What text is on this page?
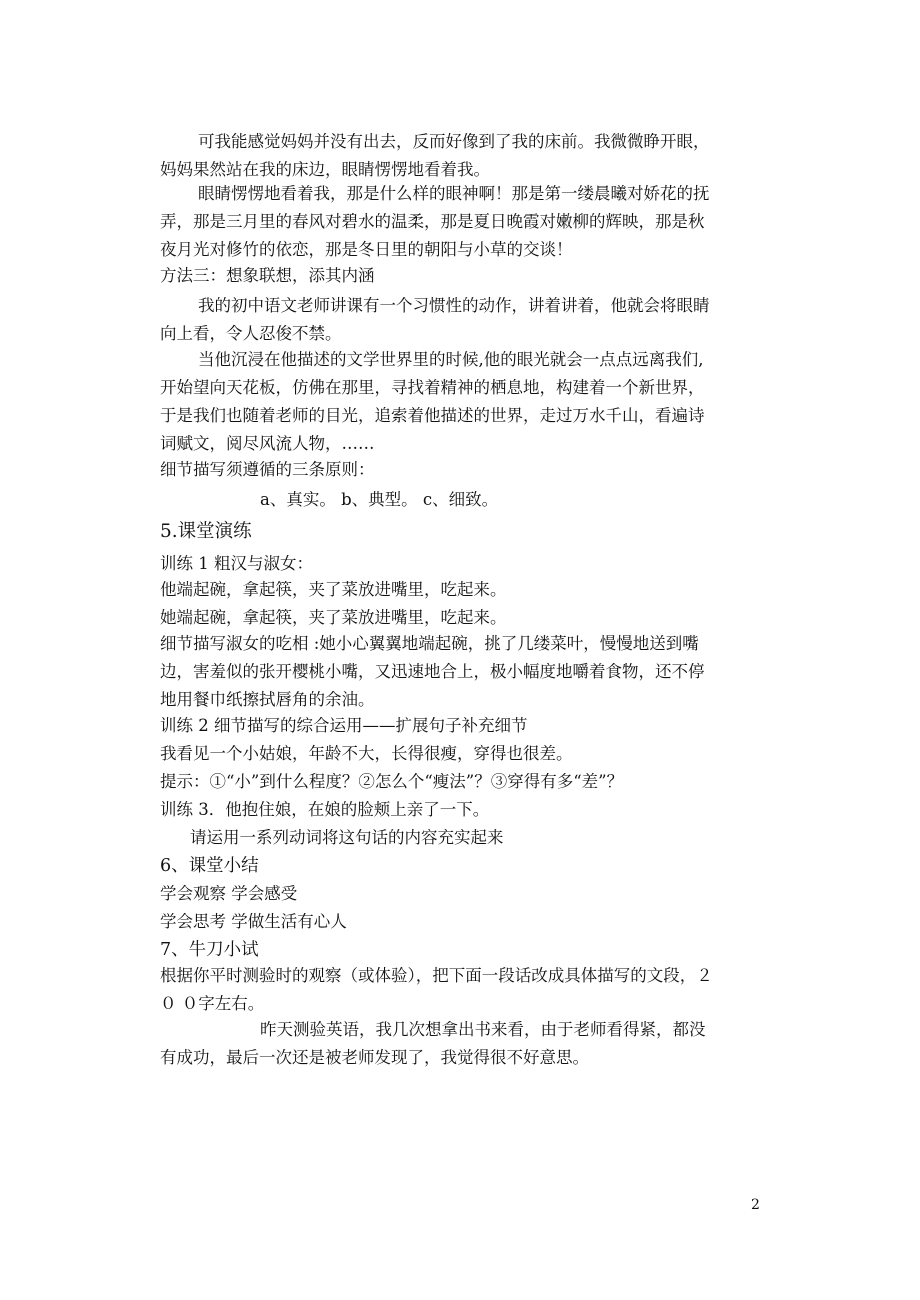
可我能感觉妈妈并没有出去，反而好像到了我的床前。我微微睁开眼，
妈妈果然站在我的床边，眼睛愣愣地看着我。
眼睛愣愣地看着我，那是什么样的眼神啊！那是第一缕晨曦对娇花的抚
弄，那是三月里的春风对碧水的温柔，那是夏日晚霞对嫩柳的辉映，那是秋
夜月光对修竹的依恋，那是冬日里的朝阳与小草的交谈！
方法三：想象联想，添其内涵
我的初中语文老师讲课有一个习惯性的动作，讲着讲着，他就会将眼睛
向上看，令人忍俊不禁。
当他沉浸在他描述的文学世界里的时候,他的眼光就会一点点远离我们,
开始望向天花板，仿佛在那里，寻找着精神的栖息地，构建着一个新世界，
于是我们也随着老师的目光，追索着他描述的世界，走过万水千山，看遍诗
词赋文，阅尽风流人物，……
细节描写须遵循的三条原则：
a、真实。 b、典型。 c、细致。
5.课堂演练
训练 1 粗汉与淑女：
他端起碗，拿起筷，夹了菜放进嘴里，吃起来。
她端起碗，拿起筷，夹了菜放进嘴里，吃起来。
细节描写淑女的吃相 :她小心翼翼地端起碗，挑了几缕菜叶，慢慢地送到嘴
边，害羞似的张开樱桃小嘴，又迅速地合上，极小幅度地嚼着食物，还不停
地用餐巾纸擦拭唇角的余油。
训练 2 细节描写的综合运用——扩展句子补充细节
我看见一个小姑娘，年龄不大，长得很瘦，穿得也很差。
提示：①“小”到什么程度？②怎么个“瘦法”？③穿得有多“差”？
训练 3．他抱住娘，在娘的脸颊上亲了一下。
请运用一系列动词将这句话的内容充实起来
6、课堂小结
学会观察 学会感受
学会思考 学做生活有心人
7、牛刀小试
根据你平时测验时的观察（或体验），把下面一段话改成具体描写的文段，２
０ ０字左右。
昨天测验英语，我几次想拿出书来看，由于老师看得紧，都没
有成功，最后一次还是被老师发现了，我觉得很不好意思。
2
